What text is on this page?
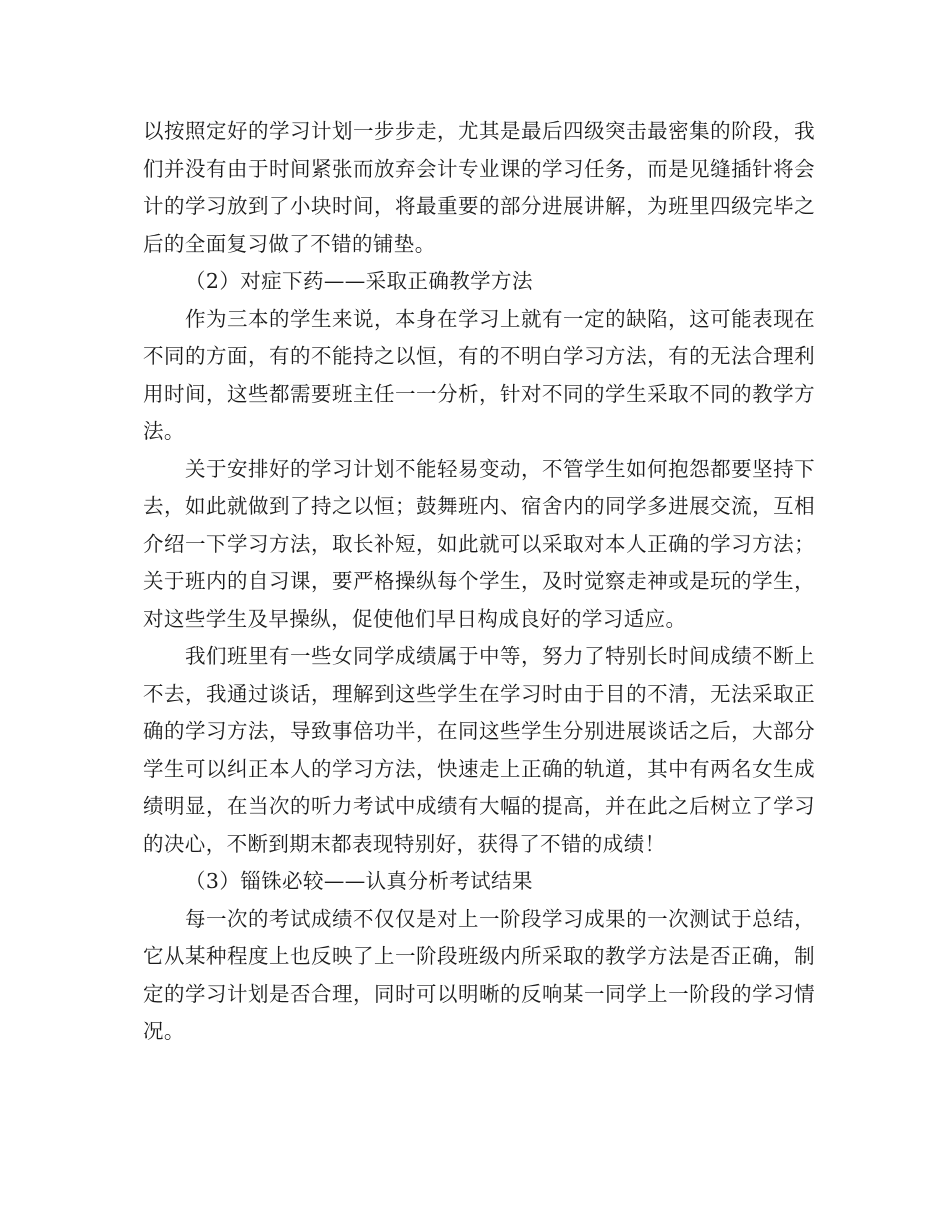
以按照定好的学习计划一步步走，尤其是最后四级突击最密集的阶段，我们并没有由于时间紧张而放弃会计专业课的学习任务，而是见缝插针将会计的学习放到了小块时间，将最重要的部分进展讲解，为班里四级完毕之后的全面复习做了不错的铺垫。

（2）对症下药——采取正确教学方法

作为三本的学生来说，本身在学习上就有一定的缺陷，这可能表现在不同的方面，有的不能持之以恒，有的不明白学习方法，有的无法合理利用时间，这些都需要班主任一一分析，针对不同的学生采取不同的教学方法。

关于安排好的学习计划不能轻易变动，不管学生如何抱怨都要坚持下去，如此就做到了持之以恒；鼓舞班内、宿舍内的同学多进展交流，互相介绍一下学习方法，取长补短，如此就可以采取对本人正确的学习方法；关于班内的自习课，要严格操纵每个学生，及时觉察走神或是玩的学生，对这些学生及早操纵，促使他们早日构成良好的学习适应。

我们班里有一些女同学成绩属于中等，努力了特别长时间成绩不断上不去，我通过谈话，理解到这些学生在学习时由于目的不清，无法采取正确的学习方法，导致事倍功半，在同这些学生分别进展谈话之后，大部分学生可以纠正本人的学习方法，快速走上正确的轨道，其中有两名女生成绩明显，在当次的听力考试中成绩有大幅的提高，并在此之后树立了学习的决心，不断到期末都表现特别好，获得了不错的成绩！

（3）锱铢必较——认真分析考试结果

每一次的考试成绩不仅仅是对上一阶段学习成果的一次测试于总结，它从某种程度上也反映了上一阶段班级内所采取的教学方法是否正确，制定的学习计划是否合理，同时可以明晰的反响某一同学上一阶段的学习情况。
